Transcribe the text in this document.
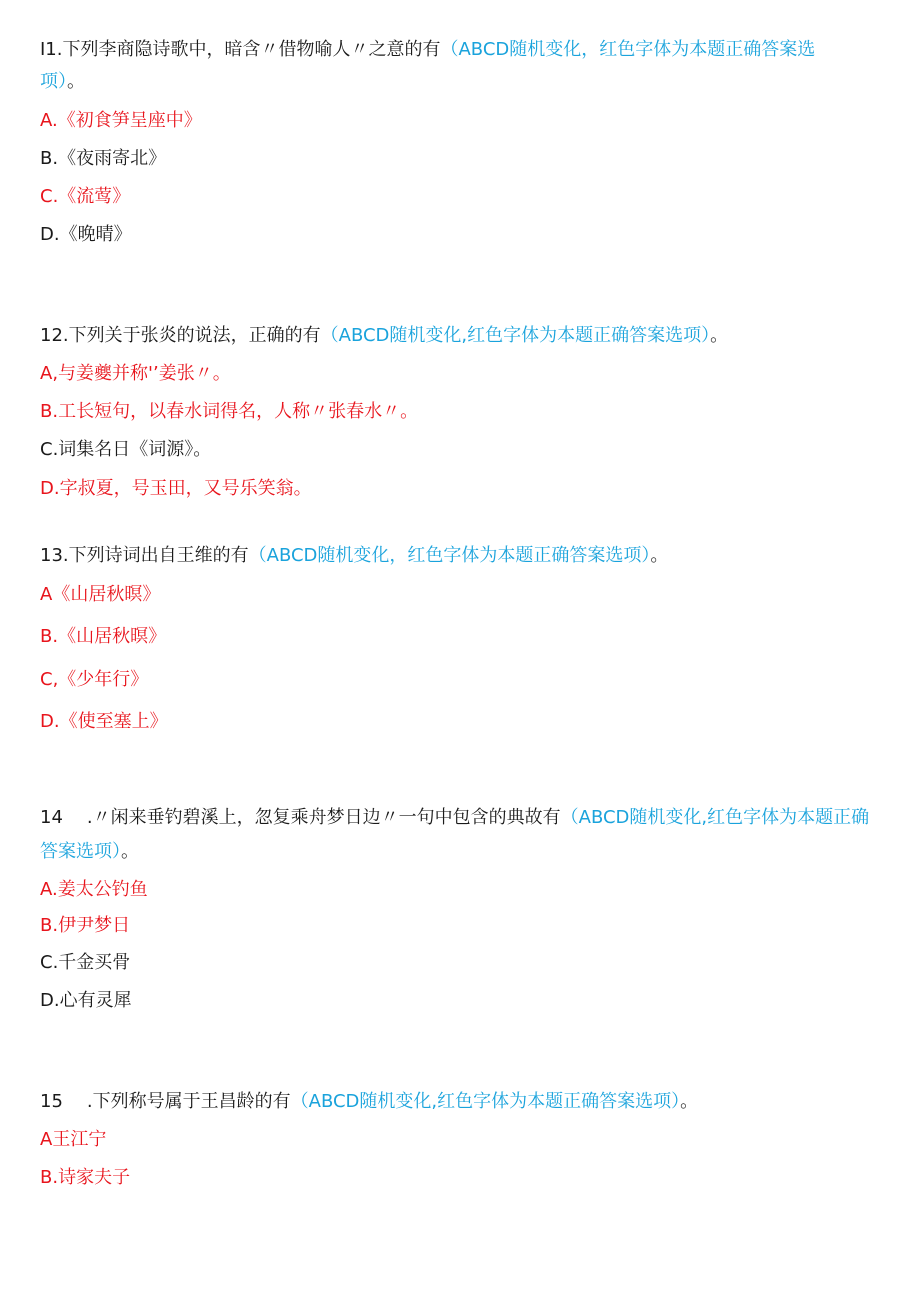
I1.下列李商隐诗歌中，暗含〃借物喻人〃之意的有（ABCD随机变化，红色字体为本题正确答案选
项）。
A.《初食笋呈座中》
B.《夜雨寄北》
C.《流莺》
D.《晚晴》
12.下列关于张炎的说法，正确的有（ABCD随机变化,红色字体为本题正确答案选项）。
A,与姜夔并称'’姜张〃。
B.工长短句，以春水词得名，人称〃张春水〃。
C.词集名日《词源》。
D.字叔夏，号玉田，又号乐笑翁。
13.下列诗词出自王维的有（ABCD随机变化，红色字体为本题正确答案选项）。
A《山居秋暝》
B.《山居秋暝》
C,《少年行》
D.《使至塞上》
14 .〃闲来垂钓碧溪上，忽复乘舟梦日边〃一句中包含的典故有（ABCD随机变化,红色字体为本题正确
答案选项）。
A.姜太公钓鱼
B.伊尹梦日
C.千金买骨
D.心有灵犀
15 .下列称号属于王昌龄的有（ABCD随机变化,红色字体为本题正确答案选项）。
A王江宁
B.诗家夫子
